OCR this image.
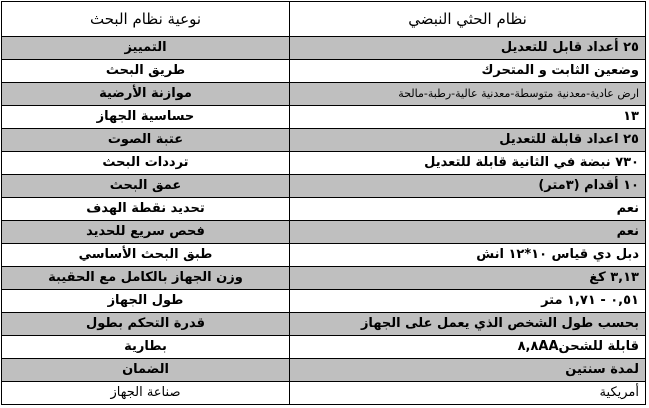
نظام الحثي النبضي	نوعية نظام البحث
٢٥ أعداد قابل للتعديل	التمييز
وضعين الثابت و المتحرك	طريق البحث
ارض عادية-معدنية متوسطة-معدنية عالية-رطبة-مالحة	موازنة الأرضية
١٣	حساسية الجهاز
٢٥ اعداد قابلة للتعديل	عتبة الصوت
٧٣٠ نبضة في الثانية قابلة للتعديل	ترددات البحث
١٠ أقدام (٣متر)	عمق البحث
نعم	تحديد نقطة الهدف
نعم	فحص سريع للحديد
دبل دي قياس ١٠*١٢ انش	طبق البحث الأساسي
٣,١٣ كغ	وزن الجهاز بالكامل مع الحقيبة
٠,٥١ - ١,٧١ متر	طول الجهاز
بحسب طول الشخص الذي يعمل على الجهاز	قدرة التحكم بطول
قابلة للشحن٨,٨AA	بطارية
لمدة سنتين	الضمان
أمريكية	صناعة الجهاز
